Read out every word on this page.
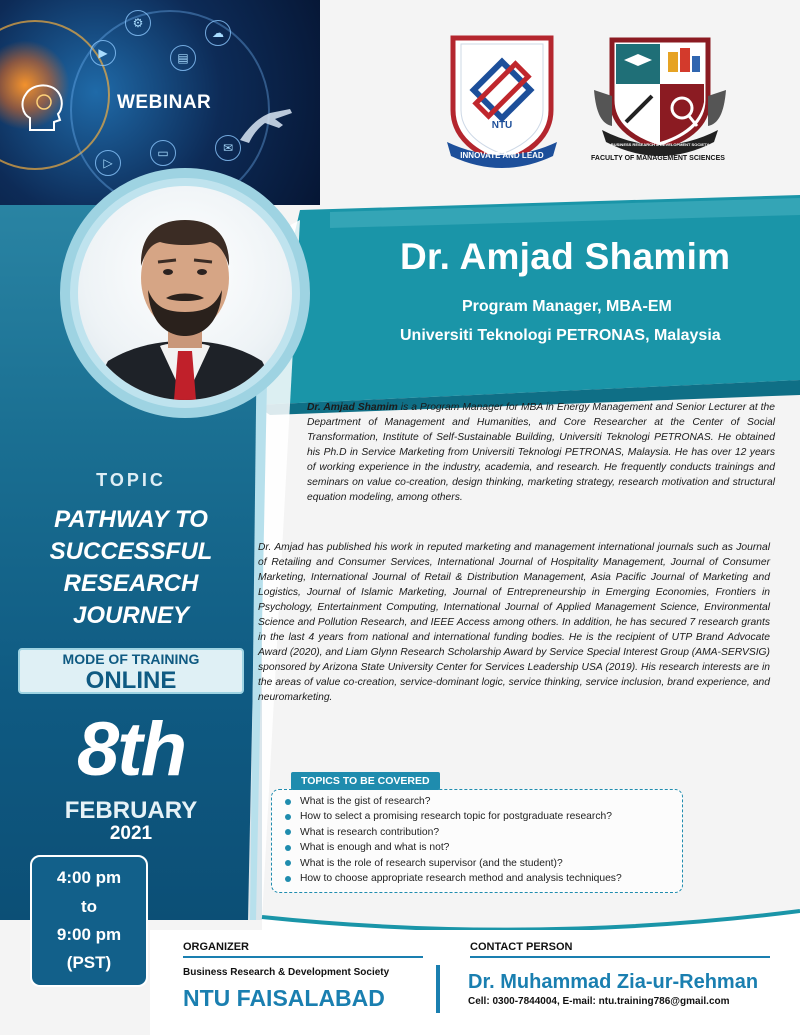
▶
⚙
▤
☁
▭
▷
✉
WEBINAR
NTU
INNOVATE AND LEAD
BUSINESS RESEARCH & DEVELOPMENT SOCIETY
FACULTY OF MANAGEMENT SCIENCES
Dr. Amjad Shamim
Program Manager, MBA-EM
Universiti Teknologi PETRONAS, Malaysia
Dr. Amjad Shamim is a Program Manager for MBA in Energy Management and Senior Lecturer at the Department of Management and Humanities, and Core Researcher at the Center of Social Transformation, Institute of Self-Sustainable Building, Universiti Teknologi PETRONAS. He obtained his Ph.D in Service Marketing from Universiti Teknologi PETRONAS, Malaysia. He has over 12 years of working experience in the industry, academia, and research. He frequently conducts trainings and seminars on value co-creation, design thinking, marketing strategy, research motivation and structural equation modeling, among others.
Dr. Amjad has published his work in reputed marketing and management international journals such as Journal of Retailing and Consumer Services, International Journal of Hospitality Management, Journal of Consumer Marketing, International Journal of Retail & Distribution Management, Asia Pacific Journal of Marketing and Logistics, Journal of Islamic Marketing, Journal of Entrepreneurship in Emerging Economies, Frontiers in Psychology, Entertainment Computing, International Journal of Applied Management Science, Environmental Science and Pollution Research, and IEEE Access among others. In addition, he has secured 7 research grants in the last 4 years from national and international funding bodies. He is the recipient of UTP Brand Advocate Award (2020), and Liam Glynn Research Scholarship Award by Service Special Interest Group (AMA-SERVSIG) sponsored by Arizona State University Center for Services Leadership USA (2019). His research interests are in the areas of value co-creation, service-dominant logic, service thinking, service inclusion, brand experience, and neuromarketing.
TOPICS TO BE COVERED
What is the gist of research?
How to select a promising research topic for postgraduate research?
What is research contribution?
What is enough and what is not?
What is the role of research supervisor (and the student)?
How to choose appropriate research method and analysis techniques?
TOPIC
PATHWAY TO
SUCCESSFUL
RESEARCH
JOURNEY
MODE OF TRAINING
ONLINE
8th
FEBRUARY
2021
4:00 pm
to
9:00 pm
(PST)
ORGANIZER
Business Research & Development Society
NTU FAISALABAD
CONTACT PERSON
Dr. Muhammad Zia-ur-Rehman
Cell: 0300-7844004, E-mail: ntu.training786@gmail.com
